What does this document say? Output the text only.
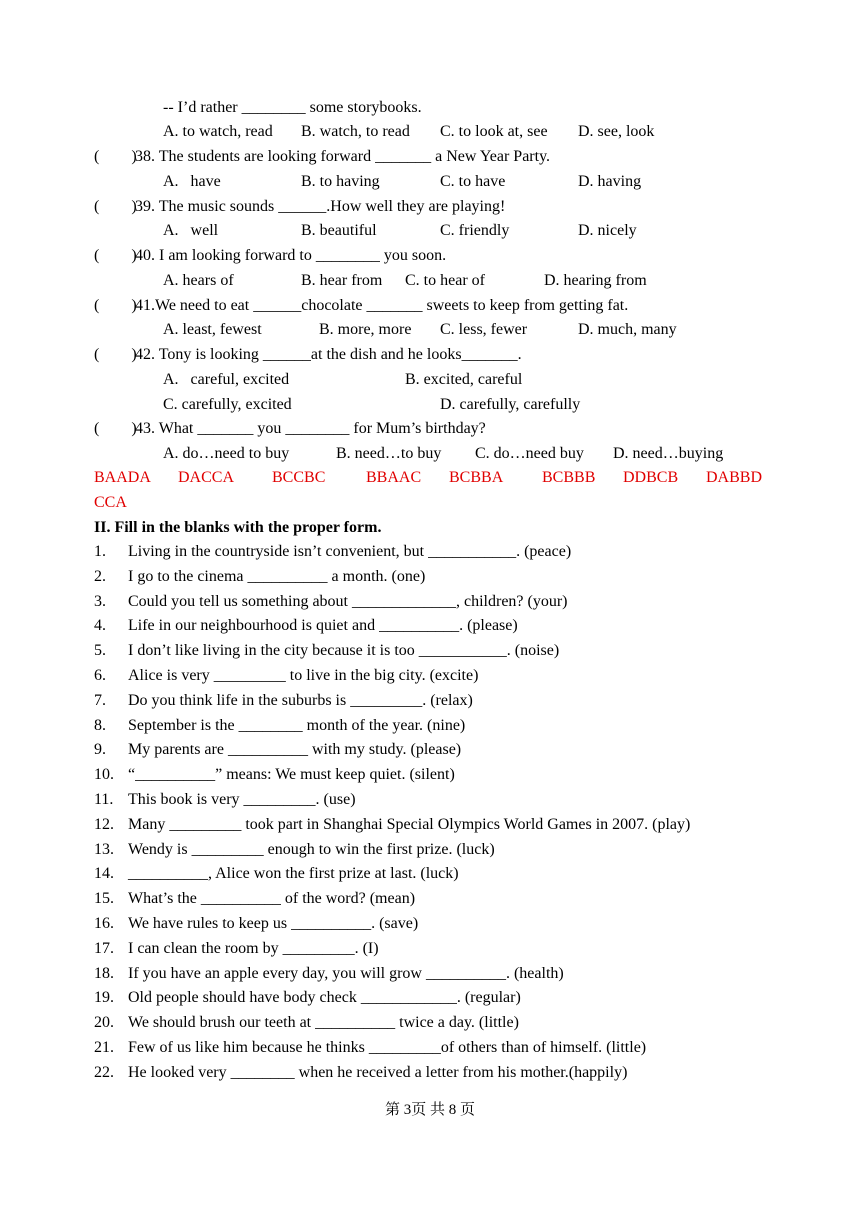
-- I’d rather ________ some storybooks.
A. to watch, read B. watch, to read C. to look at, see D. see, look
(        )
38. The students are looking forward _______ a New Year Party.
A.   have	B. to having	C. to have	D. having
(        )
39. The music sounds ______.How well they are playing!
A.   well	B. beautiful	C. friendly	D. nicely
(        )
40. I am looking forward to ________ you soon.
A. hears of	B. hear from C. to hear of	D. hearing from
(        )
41.We need to eat ______chocolate _______ sweets to keep from getting fat.
A. least, fewest	B. more, more C. less, fewer	D. much, many
(        )
42. Tony is looking ______at the dish and he looks_______.
A.   careful, excited	B. excited, careful
C. carefully, excited	D. carefully, carefully
(        )
43. What _______ you ________ for Mum’s birthday?
A. do…need to buy	B. need…to buy C. do…need buy D. need…buying
BAADA DACCA BCCBC	BBAAC BCBBA BCBBB DDBCB DABBD
CCA
II. Fill in the blanks with the proper form.
1. Living in the countryside isn’t convenient, but ___________. (peace)
2. I go to the cinema __________ a month. (one)
3. Could you tell us something about _____________, children? (your)
4. Life in our neighbourhood is quiet and __________. (please)
5. I don’t like living in the city because it is too ___________. (noise)
6. Alice is very _________ to live in the big city. (excite)
7. Do you think life in the suburbs is _________. (relax)
8. September is the ________ month of the year. (nine)
9. My parents are __________ with my study. (please)
10. “__________” means: We must keep quiet. (silent)
11. This book is very _________. (use)
12. Many _________ took part in Shanghai Special Olympics World Games in 2007. (play)
13. Wendy is _________ enough to win the first prize. (luck)
14. __________, Alice won the first prize at last. (luck)
15. What’s the __________ of the word? (mean)
16. We have rules to keep us __________. (save)
17. I can clean the room by _________. (I)
18. If you have an apple every day, you will grow __________. (health)
19. Old people should have body check ____________. (regular)
20. We should brush our teeth at __________ twice a day. (little)
21. Few of us like him because he thinks _________of others than of himself. (little)
22. He looked very ________ when he received a letter from his mother.(happily)
第 3页 共 8 页
